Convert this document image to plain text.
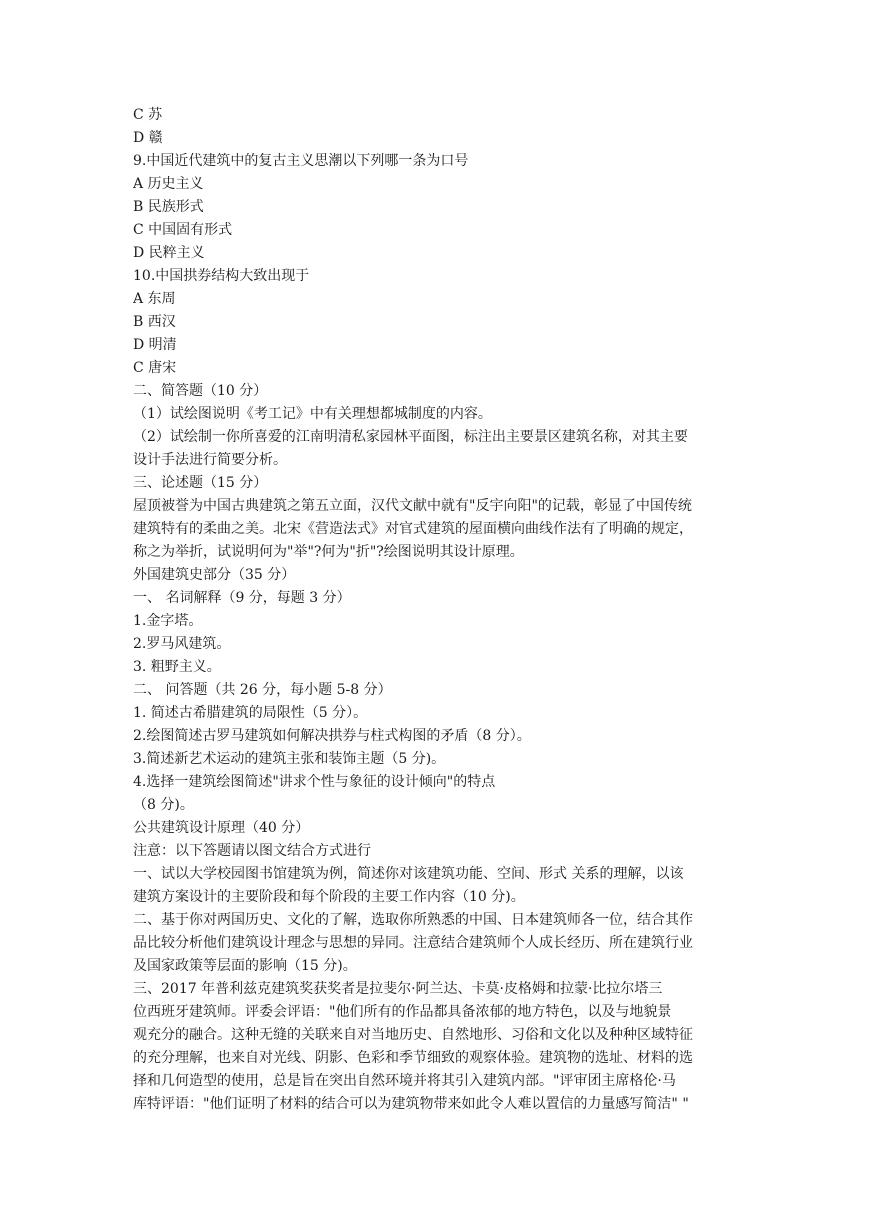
C 苏
D 赣
9.中国近代建筑中的复古主义思潮以下列哪一条为口号
A 历史主义
B 民族形式
C 中国固有形式
D 民粹主义
10.中国拱券结构大致出现于
A 东周
B 西汉
D 明清
C 唐宋
二、简答题（10 分）
（1）试绘图说明《考工记》中有关理想都城制度的内容。
（2）试绘制一你所喜爱的江南明清私家园林平面图，标注出主要景区建筑名称，对其主要
设计手法进行简要分析。
三、论述题（15 分）
屋顶被誉为中国古典建筑之第五立面，汉代文献中就有"反宇向阳"的记载，彰显了中国传统
建筑特有的柔曲之美。北宋《营造法式》对官式建筑的屋面横向曲线作法有了明确的规定，
称之为举折，试说明何为"举"?何为"折"?绘图说明其设计原理。
外国建筑史部分（35 分）
一、 名词解释（9 分，每题 3 分）
1.金字塔。
2.罗马风建筑。
3. 粗野主义。
二、 问答题（共 26 分，每小题 5-8 分）
1. 简述古希腊建筑的局限性（5 分）。
2.绘图简述古罗马建筑如何解决拱券与柱式构图的矛盾（8 分）。
3.简述新艺术运动的建筑主张和装饰主题（5 分)。
4.选择一建筑绘图简述"讲求个性与象征的设计倾向"的特点
（8 分)。
公共建筑设计原理（40 分）
注意：以下答题请以图文结合方式进行
一、试以大学校园图书馆建筑为例，简述你对该建筑功能、空间、形式 关系的理解，以该
建筑方案设计的主要阶段和每个阶段的主要工作内容（10 分)。
二、基于你对两国历史、文化的了解，选取你所熟悉的中国、日本建筑师各一位，结合其作
品比较分析他们建筑设计理念与思想的异同。注意结合建筑师个人成长经历、所在建筑行业
及国家政策等层面的影响（15 分)。
三、2017 年普利兹克建筑奖获奖者是拉斐尔·阿兰达、卡莫·皮格姆和拉蒙·比拉尔塔三
位西班牙建筑师。评委会评语："他们所有的作品都具备浓郁的地方特色，以及与地貌景
观充分的融合。这种无缝的关联来自对当地历史、自然地形、习俗和文化以及种种区域特征
的充分理解，也来自对光线、阴影、色彩和季节细致的观察体验。建筑物的选址、材料的选
择和几何造型的使用，总是旨在突出自然环境并将其引入建筑内部。"评审团主席格伦·马
库特评语："他们证明了材料的结合可以为建筑物带来如此令人难以置信的力量感写简洁" "
